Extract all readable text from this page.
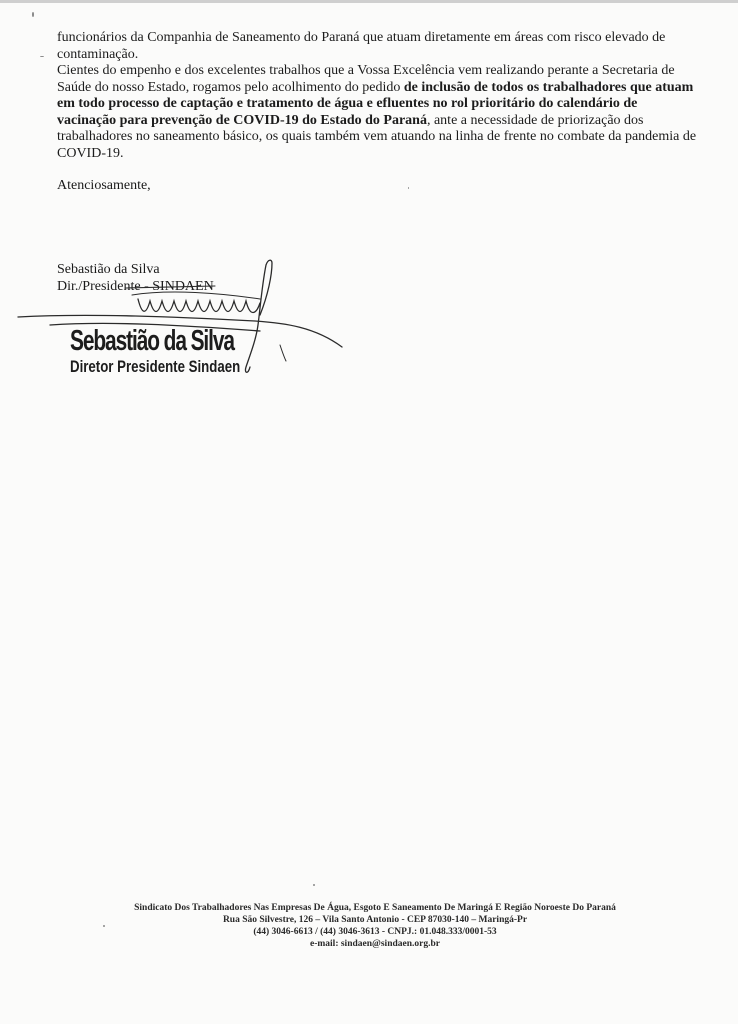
funcionários da Companhia de Saneamento do Paraná que atuam diretamente em áreas com risco elevado de contaminação.

Cientes do empenho e dos excelentes trabalhos que a Vossa Excelência vem realizando perante a Secretaria de Saúde do nosso Estado, rogamos pelo acolhimento do pedido de inclusão de todos os trabalhadores que atuam em todo processo de captação e tratamento de água e efluentes no rol prioritário do calendário de vacinação para prevenção de COVID-19 do Estado do Paraná, ante a necessidade de priorização dos trabalhadores no saneamento básico, os quais também vem atuando na linha de frente no combate da pandemia de COVID-19.

Atenciosamente,
Sebastião da Silva
Dir./Presidente - SINDAEN
Sebastião da Silva
Diretor Presidente Sindaen
Sindicato Dos Trabalhadores Nas Empresas De Água, Esgoto E Saneamento De Maringá E Região Noroeste Do Paraná
Rua São Silvestre, 126 – Vila Santo Antonio - CEP 87030-140 – Maringá-Pr
(44) 3046-6613 / (44) 3046-3613 - CNPJ.: 01.048.333/0001-53
e-mail: sindaen@sindaen.org.br
